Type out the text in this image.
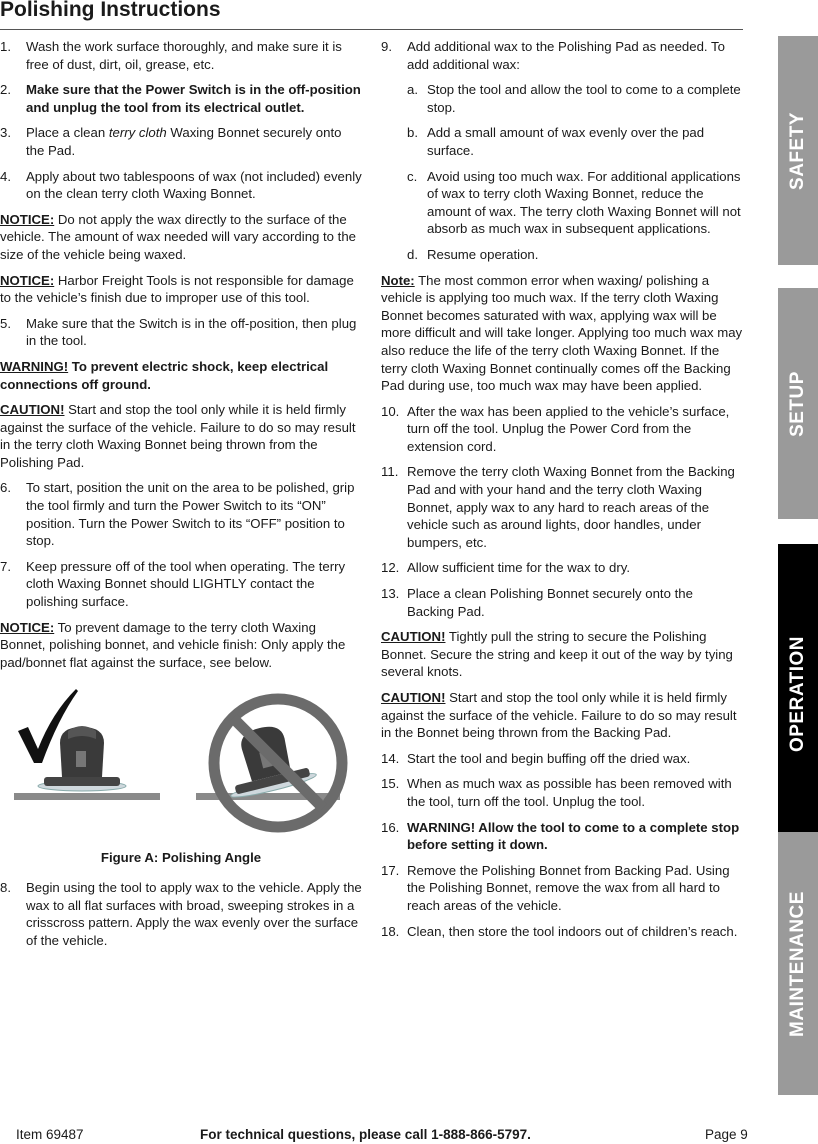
Polishing Instructions
1.	Wash the work surface thoroughly, and make sure it is free of dust, dirt, oil, grease, etc.
2.	Make sure that the Power Switch is in the off-position and unplug the tool from its electrical outlet.
3.	Place a clean terry cloth Waxing Bonnet securely onto the Pad.
4.	Apply about two tablespoons of wax (not included) evenly on the clean terry cloth Waxing Bonnet.
NOTICE: Do not apply the wax directly to the surface of the vehicle. The amount of wax needed will vary according to the size of the vehicle being waxed.
NOTICE: Harbor Freight Tools is not responsible for damage to the vehicle’s finish due to improper use of this tool.
5.	Make sure that the Switch is in the off-position, then plug in the tool.
WARNING! To prevent electric shock, keep electrical connections off ground.
CAUTION! Start and stop the tool only while it is held firmly against the surface of the vehicle. Failure to do so may result in the terry cloth Waxing Bonnet being thrown from the Polishing Pad.
6.	To start, position the unit on the area to be polished, grip the tool firmly and turn the Power Switch to its “ON” position. Turn the Power Switch to its “OFF” position to stop.
7.	Keep pressure off of the tool when operating. The terry cloth Waxing Bonnet should LIGHTLY contact the polishing surface.
NOTICE: To prevent damage to the terry cloth Waxing Bonnet, polishing bonnet, and vehicle finish: Only apply the pad/bonnet flat against the surface, see below.
Figure A: Polishing Angle
8.	Begin using the tool to apply wax to the vehicle. Apply the wax to all flat surfaces with broad, sweeping strokes in a crisscross pattern. Apply the wax evenly over the surface of the vehicle.
9.	Add additional wax to the Polishing Pad as needed. To add additional wax:
a. Stop the tool and allow the tool to come to a complete stop.
b. Add a small amount of wax evenly over the pad surface.
c. Avoid using too much wax. For additional applications of wax to terry cloth Waxing Bonnet, reduce the amount of wax. The terry cloth Waxing Bonnet will not absorb as much wax in subsequent applications.
d. Resume operation.
Note: The most common error when waxing/ polishing a vehicle is applying too much wax. If the terry cloth Waxing Bonnet becomes saturated with wax, applying wax will be more difficult and will take longer. Applying too much wax may also reduce the life of the terry cloth Waxing Bonnet. If the terry cloth Waxing Bonnet continually comes off the Backing Pad during use, too much wax may have been applied.
10. After the wax has been applied to the vehicle’s surface, turn off the tool. Unplug the Power Cord from the extension cord.
11. Remove the terry cloth Waxing Bonnet from the Backing Pad and with your hand and the terry cloth Waxing Bonnet, apply wax to any hard to reach areas of the vehicle such as around lights, door handles, under bumpers, etc.
12. Allow sufficient time for the wax to dry.
13. Place a clean Polishing Bonnet securely onto the Backing Pad.
CAUTION! Tightly pull the string to secure the Polishing Bonnet. Secure the string and keep it out of the way by tying several knots.
CAUTION! Start and stop the tool only while it is held firmly against the surface of the vehicle. Failure to do so may result in the Bonnet being thrown from the Backing Pad.
14. Start the tool and begin buffing off the dried wax.
15. When as much wax as possible has been removed with the tool, turn off the tool. Unplug the tool.
16. WARNING! Allow the tool to come to a complete stop before setting it down.
17. Remove the Polishing Bonnet from Backing Pad. Using the Polishing Bonnet, remove the wax from all hard to reach areas of the vehicle.
18. Clean, then store the tool indoors out of children’s reach.
SAFETY
SETUP
OPERATION
MAINTENANCE
Item 69487	For technical questions, please call 1-888-866-5797.	Page 9
